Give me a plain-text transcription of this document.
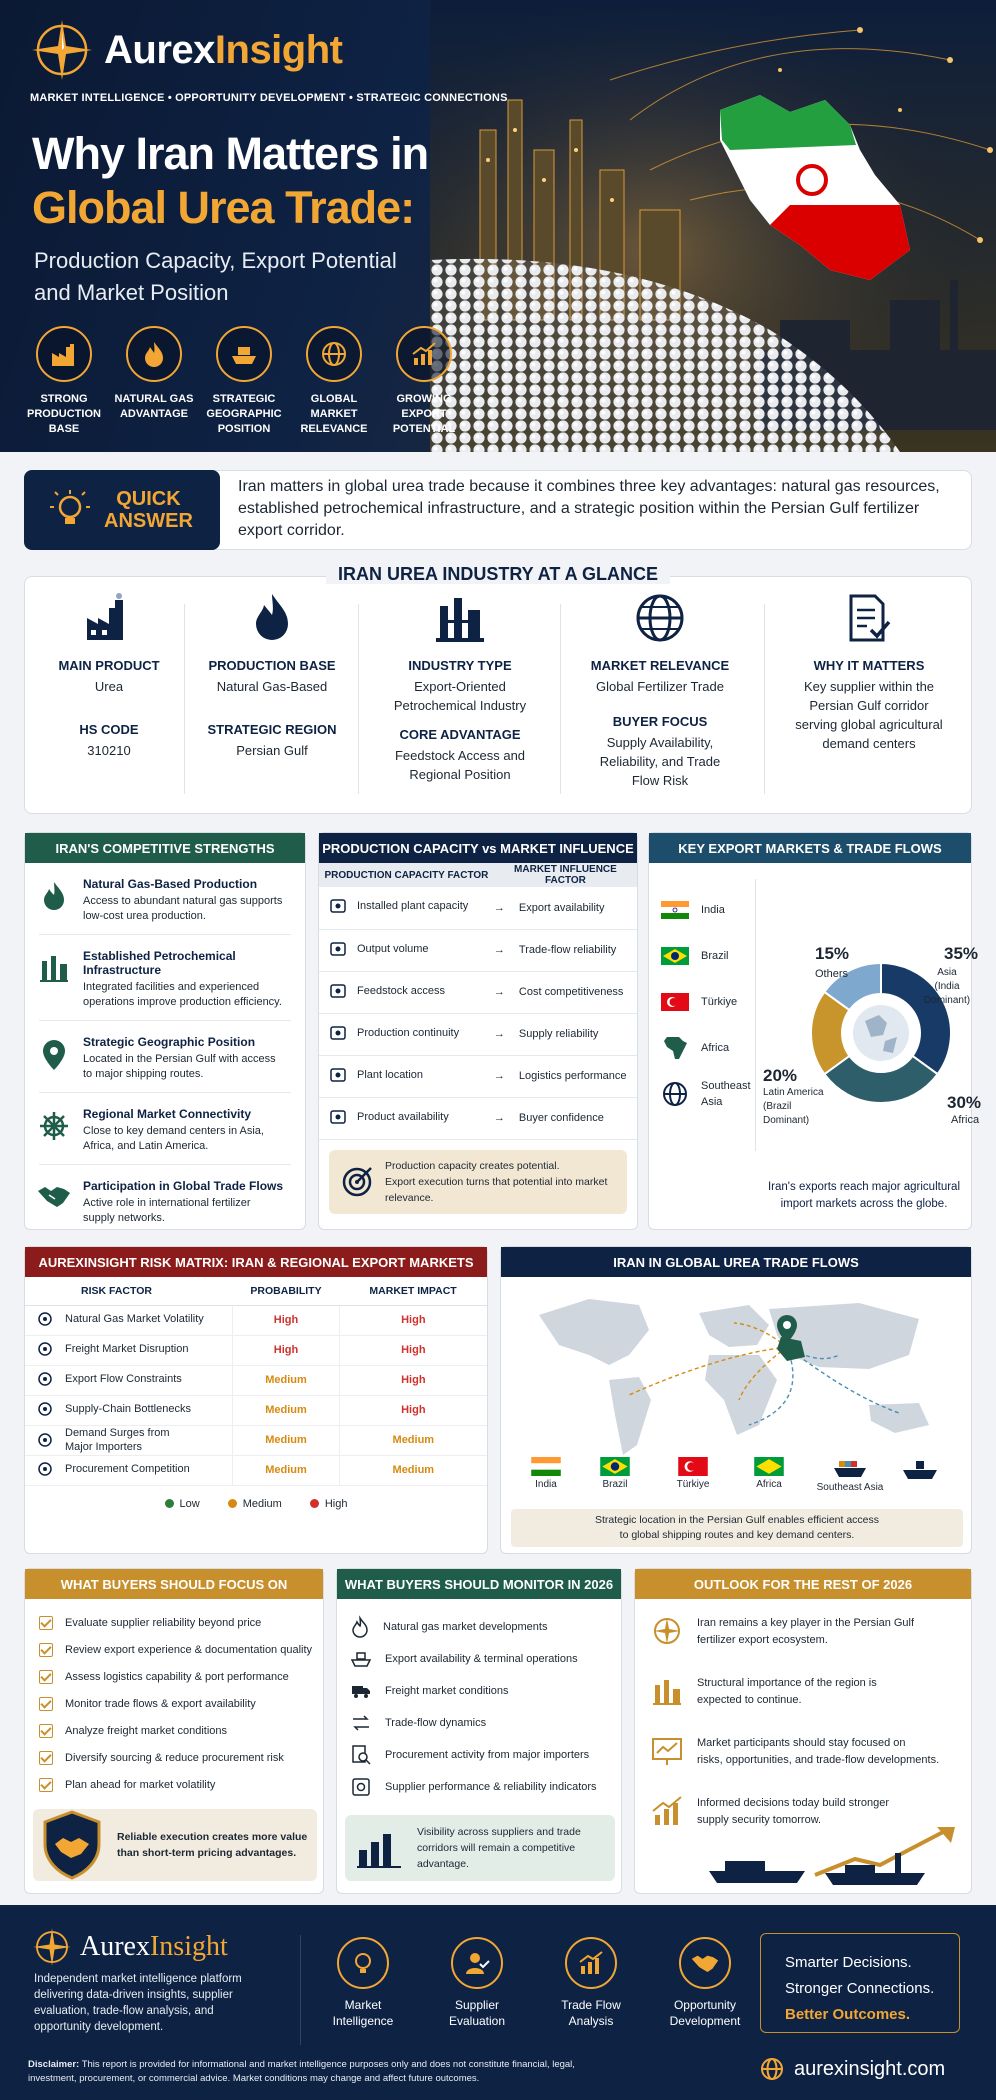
AurexInsight
MARKET INTELLIGENCE • OPPORTUNITY DEVELOPMENT • STRATEGIC CONNECTIONS
Why Iran Matters in
Global Urea Trade:
Production Capacity, Export Potential
and Market Position
STRONG
PRODUCTION
BASE
NATURAL GAS
ADVANTAGE
STRATEGIC
GEOGRAPHIC
POSITION
GLOBAL
MARKET
RELEVANCE
GROWING
EXPORT
POTENTIAL
QUICK
ANSWER
Iran matters in global urea trade because it combines three key advantages: natural gas resources, established petrochemical infrastructure, and a strategic position within the Persian Gulf fertilizer export corridor.
IRAN UREA INDUSTRY AT A GLANCE
MAIN PRODUCT
Urea
HS CODE
310210
PRODUCTION BASE
Natural Gas-Based
STRATEGIC REGION
Persian Gulf
INDUSTRY TYPE
Export-Oriented
Petrochemical Industry
CORE ADVANTAGE
Feedstock Access and
Regional Position
MARKET RELEVANCE
Global Fertilizer Trade
BUYER FOCUS
Supply Availability,
Reliability, and Trade
Flow Risk
WHY IT MATTERS
Key supplier within the
Persian Gulf corridor
serving global agricultural
demand centers
IRAN'S COMPETITIVE STRENGTHS
Natural Gas-Based Production
Access to abundant natural gas supports
low-cost urea production.
Established Petrochemical Infrastructure
Integrated facilities and experienced
operations improve production efficiency.
Strategic Geographic Position
Located in the Persian Gulf with access
to major shipping routes.
Regional Market Connectivity
Close to key demand centers in Asia,
Africa, and Latin America.
Participation in Global Trade Flows
Active role in international fertilizer
supply networks.
PRODUCTION CAPACITY vs MARKET INFLUENCE
PRODUCTION CAPACITY FACTOR	MARKET INFLUENCE FACTOR

Installed plant capacity	→ Export availability

Output volume	→ Trade-flow reliability

Feedstock access	→ Cost competitiveness

Production continuity	→ Supply reliability

Plant location	→ Logistics performance

Product availability	→ Buyer confidence
Production capacity creates potential.
Export execution turns that potential into market relevance.
KEY EXPORT MARKETS & TRADE FLOWS
India
Brazil
Türkiye
Africa
Southeast
Asia
15%
Others
35%
Asia
(India
Dominant)
30%
Africa
20%
Latin America
(Brazil
Dominant)
Iran's exports reach major agricultural
import markets across the globe.
AUREXINSIGHT RISK MATRIX: IRAN & REGIONAL EXPORT MARKETS
RISK FACTOR	PROBABILITY	MARKET IMPACT

Natural Gas Market Volatility	High	High

Freight Market Disruption	High	High

Export Flow Constraints	Medium	High

Supply-Chain Bottlenecks	Medium	High

Demand Surges from
Major Importers	Medium	Medium

Procurement Competition	Medium	Medium
Low	Medium	High
IRAN IN GLOBAL UREA TRADE FLOWS
India	Brazil	Türkiye	Africa	Southeast Asia
Strategic location in the Persian Gulf enables efficient access
to global shipping routes and key demand centers.
WHAT BUYERS SHOULD FOCUS ON
Evaluate supplier reliability beyond price
Review export experience & documentation quality
Assess logistics capability & port performance
Monitor trade flows & export availability
Analyze freight market conditions
Diversify sourcing & reduce procurement risk
Plan ahead for market volatility
Reliable execution creates more value
than short-term pricing advantages.
WHAT BUYERS SHOULD MONITOR IN 2026
Natural gas market developments
Export availability & terminal operations
Freight market conditions
Trade-flow dynamics
Procurement activity from major importers
Supplier performance & reliability indicators
Visibility across suppliers and trade
corridors will remain a competitive
advantage.
OUTLOOK FOR THE REST OF 2026
Iran remains a key player in the Persian Gulf
fertilizer export ecosystem.
Structural importance of the region is
expected to continue.
Market participants should stay focused on
risks, opportunities, and trade-flow developments.
Informed decisions today build stronger
supply security tomorrow.
AurexInsight
Independent market intelligence platform
delivering data-driven insights, supplier
evaluation, trade-flow analysis, and
opportunity development.
Market
Intelligence
Supplier
Evaluation
Trade Flow
Analysis
Opportunity
Development
Smarter Decisions.
Stronger Connections.
Better Outcomes.
Disclaimer: This report is provided for informational and market intelligence purposes only and does not constitute financial, legal,
investment, procurement, or commercial advice. Market conditions may change and affect future outcomes.	aurexinsight.com
